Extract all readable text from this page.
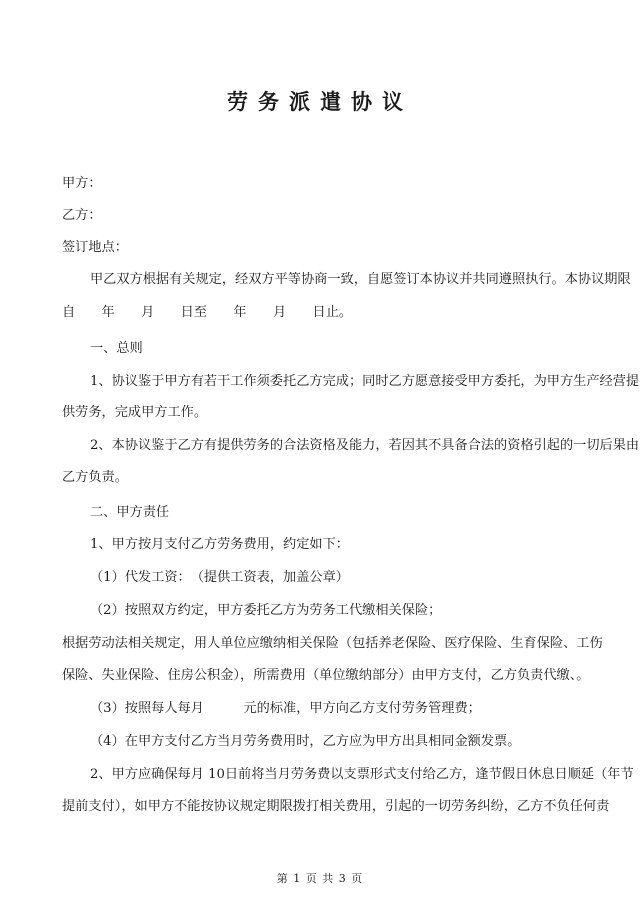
劳务派遣协议
甲方：
乙方：
签订地点：
甲乙双方根据有关规定，经双方平等协商一致，自愿签订本协议并共同遵照执行。本协议期限
自　　年　　月　　日至　　年　　月　　日止。
一、总则
1、协议鉴于甲方有若干工作须委托乙方完成；同时乙方愿意接受甲方委托，为甲方生产经营提
供劳务，完成甲方工作。
2、本协议鉴于乙方有提供劳务的合法资格及能力，若因其不具备合法的资格引起的一切后果由
乙方负责。
二、甲方责任
1、甲方按月支付乙方劳务费用，约定如下：
（1）代发工资：　（提供工资表，加盖公章）
（2）按照双方约定，甲方委托乙方为劳务工代缴相关保险；
根据劳动法相关规定，用人单位应缴纳相关保险（包括养老保险、医疗保险、生育保险、工伤
保险、失业保险、住房公积金），所需费用（单位缴纳部分）由甲方支付，乙方负责代缴、。
（3）按照每人每月　　　元的标准，甲方向乙方支付劳务管理费；
（4）在甲方支付乙方当月劳务费用时，乙方应为甲方出具相同金额发票。
2、甲方应确保每月 10日前将当月劳务费以支票形式支付给乙方，逢节假日休息日顺延（年节
提前支付），如甲方不能按协议规定期限拨打相关费用，引起的一切劳务纠纷，乙方不负任何责
第 1 页 共 3 页
